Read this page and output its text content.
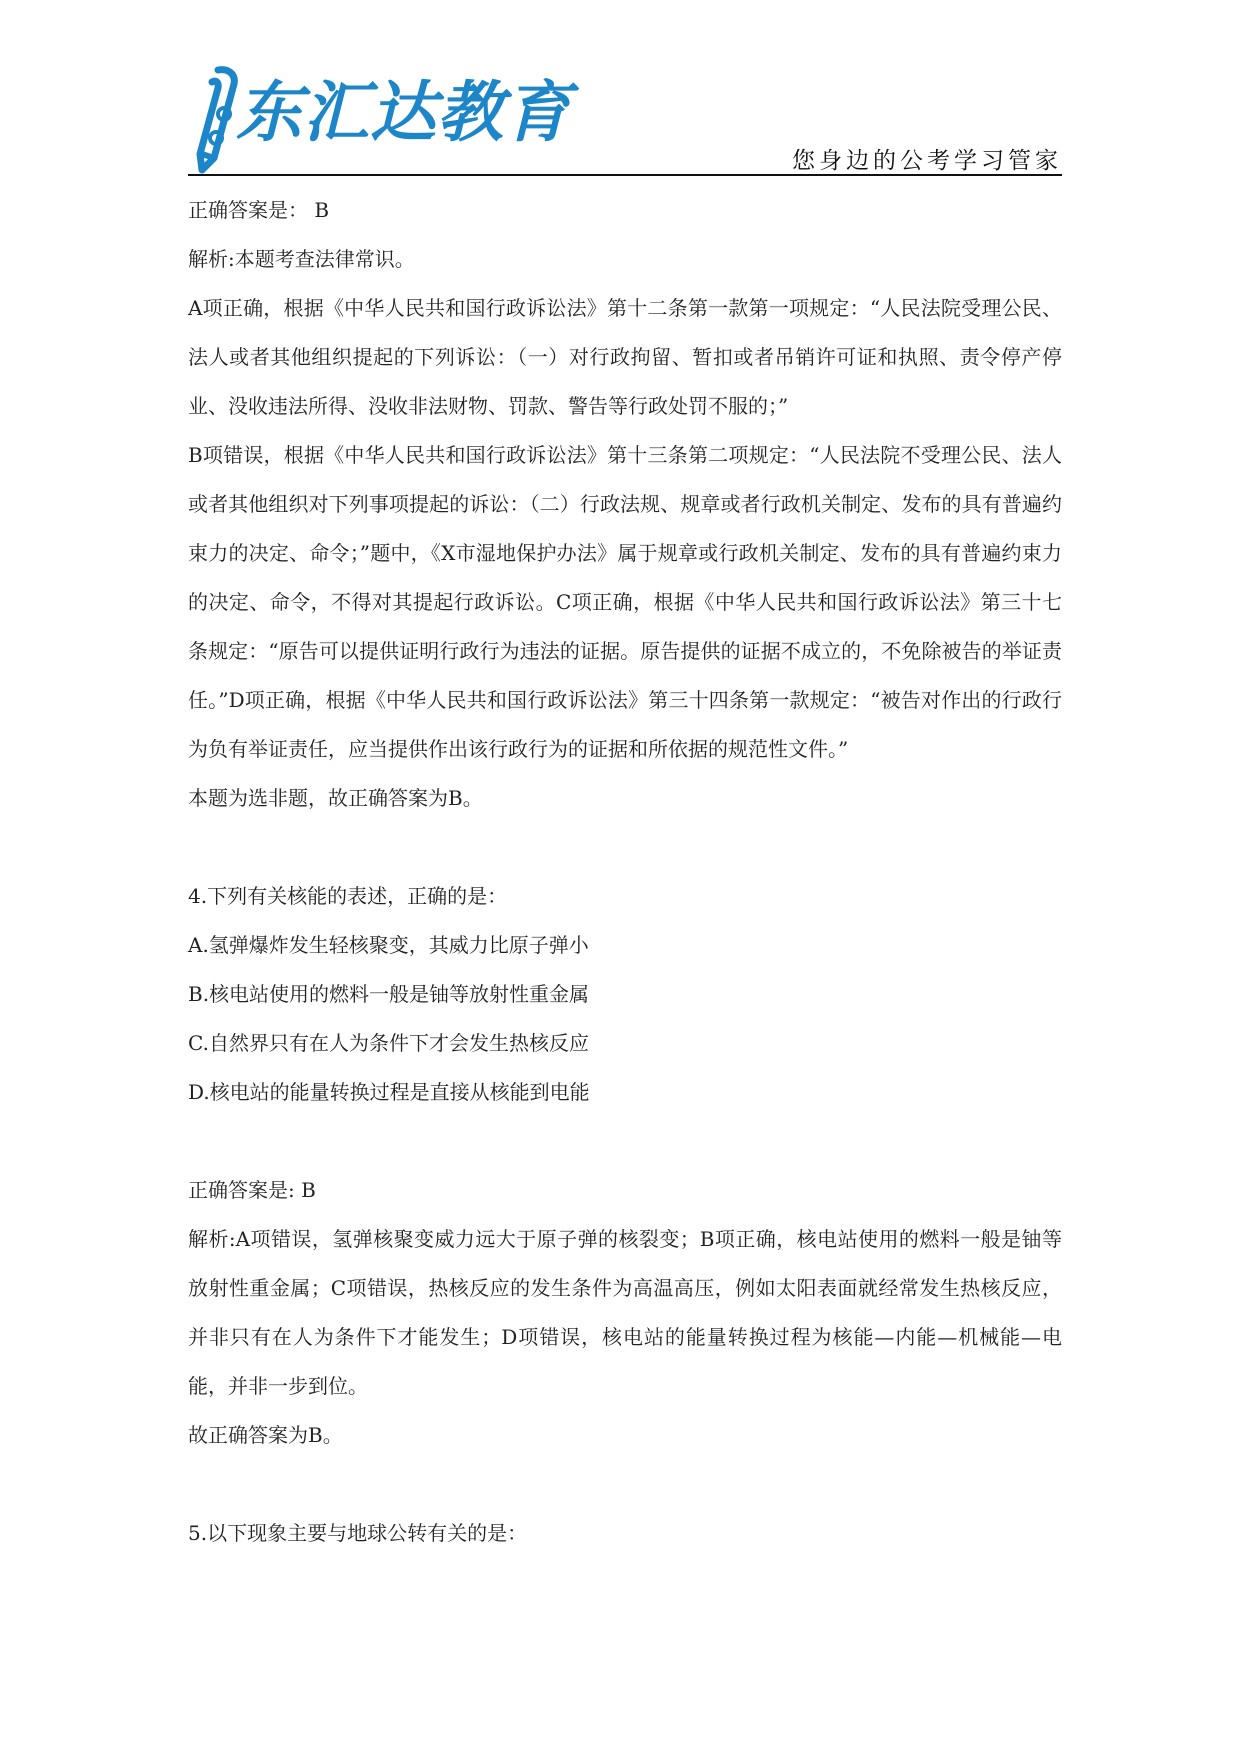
东汇达教育
您身边的公考学习管家

正确答案是： B

解析:本题考查法律常识。

A项正确，根据《中华人民共和国行政诉讼法》第十二条第一款第一项规定：“人民法院受理公民、法人或者其他组织提起的下列诉讼：（一）对行政拘留、暂扣或者吊销许可证和执照、责令停产停业、没收违法所得、没收非法财物、罚款、警告等行政处罚不服的；”

B项错误，根据《中华人民共和国行政诉讼法》第十三条第二项规定：“人民法院不受理公民、法人或者其他组织对下列事项提起的诉讼：（二）行政法规、规章或者行政机关制定、发布的具有普遍约束力的决定、命令；”题中，《X市湿地保护办法》属于规章或行政机关制定、发布的具有普遍约束力的决定、命令，不得对其提起行政诉讼。C项正确，根据《中华人民共和国行政诉讼法》第三十七条规定：“原告可以提供证明行政行为违法的证据。原告提供的证据不成立的，不免除被告的举证责任。”D项正确，根据《中华人民共和国行政诉讼法》第三十四条第一款规定：“被告对作出的行政行为负有举证责任，应当提供作出该行政行为的证据和所依据的规范性文件。”

本题为选非题，故正确答案为B。

4.下列有关核能的表述，正确的是：

A.氢弹爆炸发生轻核聚变，其威力比原子弹小

B.核电站使用的燃料一般是铀等放射性重金属

C.自然界只有在人为条件下才会发生热核反应

D.核电站的能量转换过程是直接从核能到电能

正确答案是: B

解析:A项错误，氢弹核聚变威力远大于原子弹的核裂变；B项正确，核电站使用的燃料一般是铀等放射性重金属；C项错误，热核反应的发生条件为高温高压，例如太阳表面就经常发生热核反应，并非只有在人为条件下才能发生；D项错误，核电站的能量转换过程为核能—内能—机械能—电能，并非一步到位。

故正确答案为B。

5.以下现象主要与地球公转有关的是：
